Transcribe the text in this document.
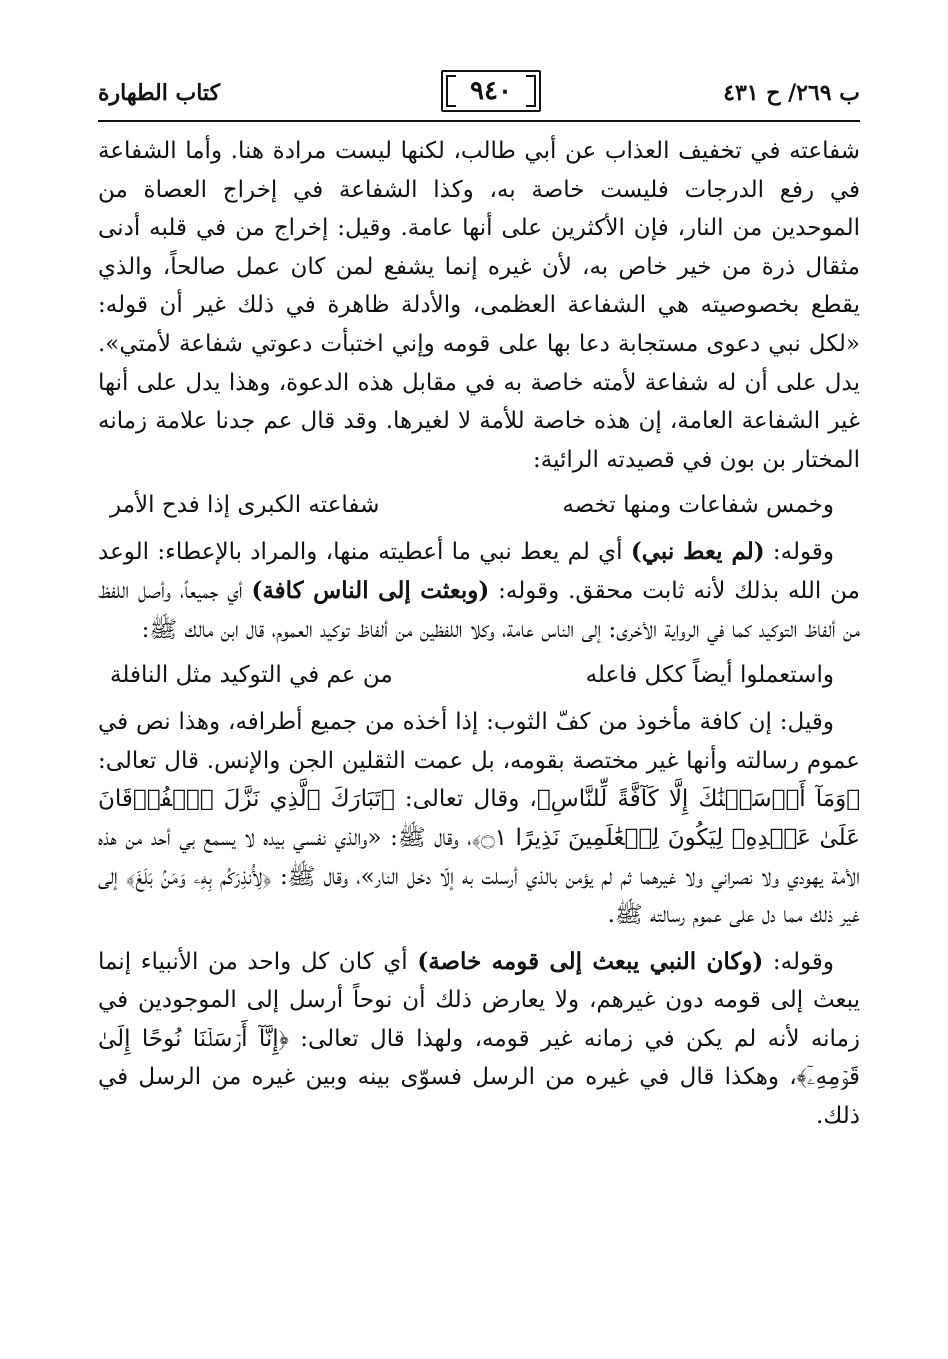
ب ٢٦٩/ ح ٤٣١
٩٤٠
كتاب الطهارة

شفاعته في تخفيف العذاب عن أبي طالب، لكنها ليست مرادة هنا. وأما الشفاعة في رفع الدرجات فليست خاصة به، وكذا الشفاعة في إخراج العصاة من الموحدين من النار، فإن الأكثرين على أنها عامة. وقيل: إخراج من في قلبه أدنى مثقال ذرة من خير خاص به، لأن غيره إنما يشفع لمن كان عمل صالحاً، والذي يقطع بخصوصيته هي الشفاعة العظمى، والأدلة ظاهرة في ذلك غير أن قوله: «لكل نبي دعوى مستجابة دعا بها على قومه وإني اختبأت دعوتي شفاعة لأمتي». يدل على أن له شفاعة لأمته خاصة به في مقابل هذه الدعوة، وهذا يدل على أنها غير الشفاعة العامة، إن هذه خاصة للأمة لا لغيرها. وقد قال عم جدنا علامة زمانه المختار بن بون في قصيدته الرائية:

وخمس شفاعات ومنها تخصه
شفاعته الكبرى إذا فدح الأمر

وقوله: (لم يعط نبي) أي لم يعط نبي ما أعطيته منها، والمراد بالإعطاء: الوعد من الله بذلك لأنه ثابت محقق. وقوله: (وبعثت إلى الناس كافة) أي جميعاً، وأصل اللفظ من ألفاظ التوكيد كما في الرواية الأخرى: إلى الناس عامة، وكلا اللفظين من ألفاظ توكيد العموم، قال ابن مالك ﷺ:

واستعملوا أيضاً ككل فاعله
من عم في التوكيد مثل النافلة

وقيل: إن كافة مأخوذ من كفّ الثوب: إذا أخذه من جميع أطرافه، وهذا نص في عموم رسالته وأنها غير مختصة بقومه، بل عمت الثقلين الجن والإنس. قال تعالى: ﴿وَمَآ أَرۡسَلۡنَٰكَ إِلَّا كَآفَّةً لِّلنَّاسِ﴾، وقال تعالى: ﴿تَبَارَكَ ٱلَّذِي نَزَّلَ ٱلۡفُرۡقَانَ عَلَىٰ عَبۡدِهِۦ لِيَكُونَ لِلۡعَٰلَمِينَ نَذِيرًا ۝١﴾، وقال ﷺ: «والذي نفسي بيده لا يسمع بي أحد من هذه الأمة يهودي ولا نصراني ولا غيرهما ثم لم يؤمن بالذي أرسلت به إلّا دخل النار»، وقال ﷺ: ﴿لِأُنذِرَكُم بِهِۦ وَمَنۢ بَلَغَ﴾ إلى غير ذلك مما دل على عموم رسالته ﷺ.

وقوله: (وكان النبي يبعث إلى قومه خاصة) أي كان كل واحد من الأنبياء إنما يبعث إلى قومه دون غيرهم، ولا يعارض ذلك أن نوحاً أرسل إلى الموجودين في زمانه لأنه لم يكن في زمانه غير قومه، ولهذا قال تعالى: ﴿إِنَّآ أَرۡسَلۡنَا نُوحًا إِلَىٰ قَوۡمِهِۦٓ﴾، وهكذا قال في غيره من الرسل فسوّى بينه وبين غيره من الرسل في ذلك.
